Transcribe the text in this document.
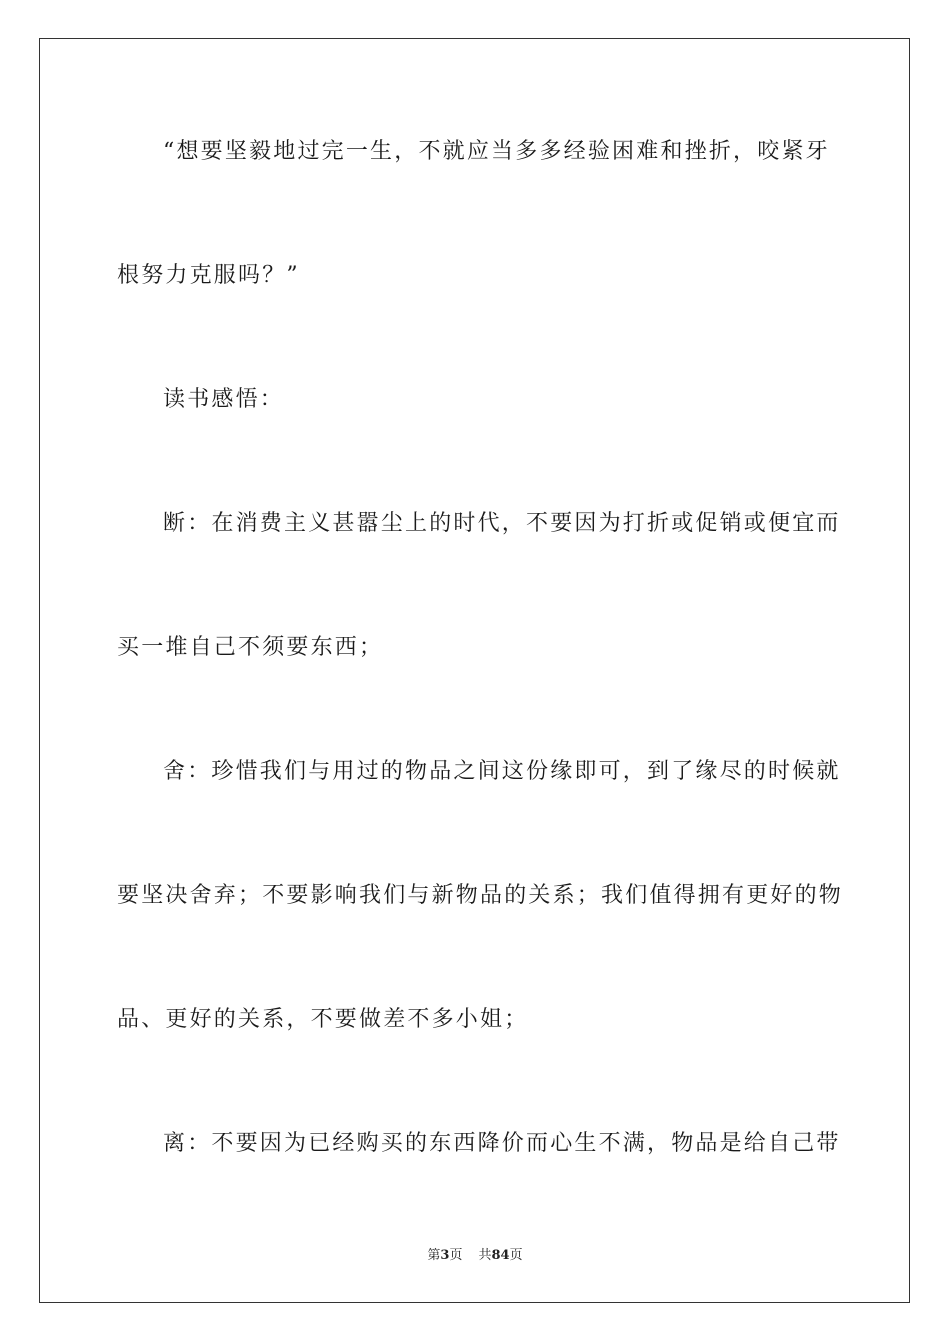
“想要坚毅地过完一生，不就应当多多经验困难和挫折，咬紧牙
根努力克服吗？”
读书感悟：
断：在消费主义甚嚣尘上的时代，不要因为打折或促销或便宜而
买一堆自己不须要东西；
舍：珍惜我们与用过的物品之间这份缘即可，到了缘尽的时候就
要坚决舍弃；不要影响我们与新物品的关系；我们值得拥有更好的物
品、更好的关系，不要做差不多小姐；
离：不要因为已经购买的东西降价而心生不满，物品是给自己带
第3页 共84页
